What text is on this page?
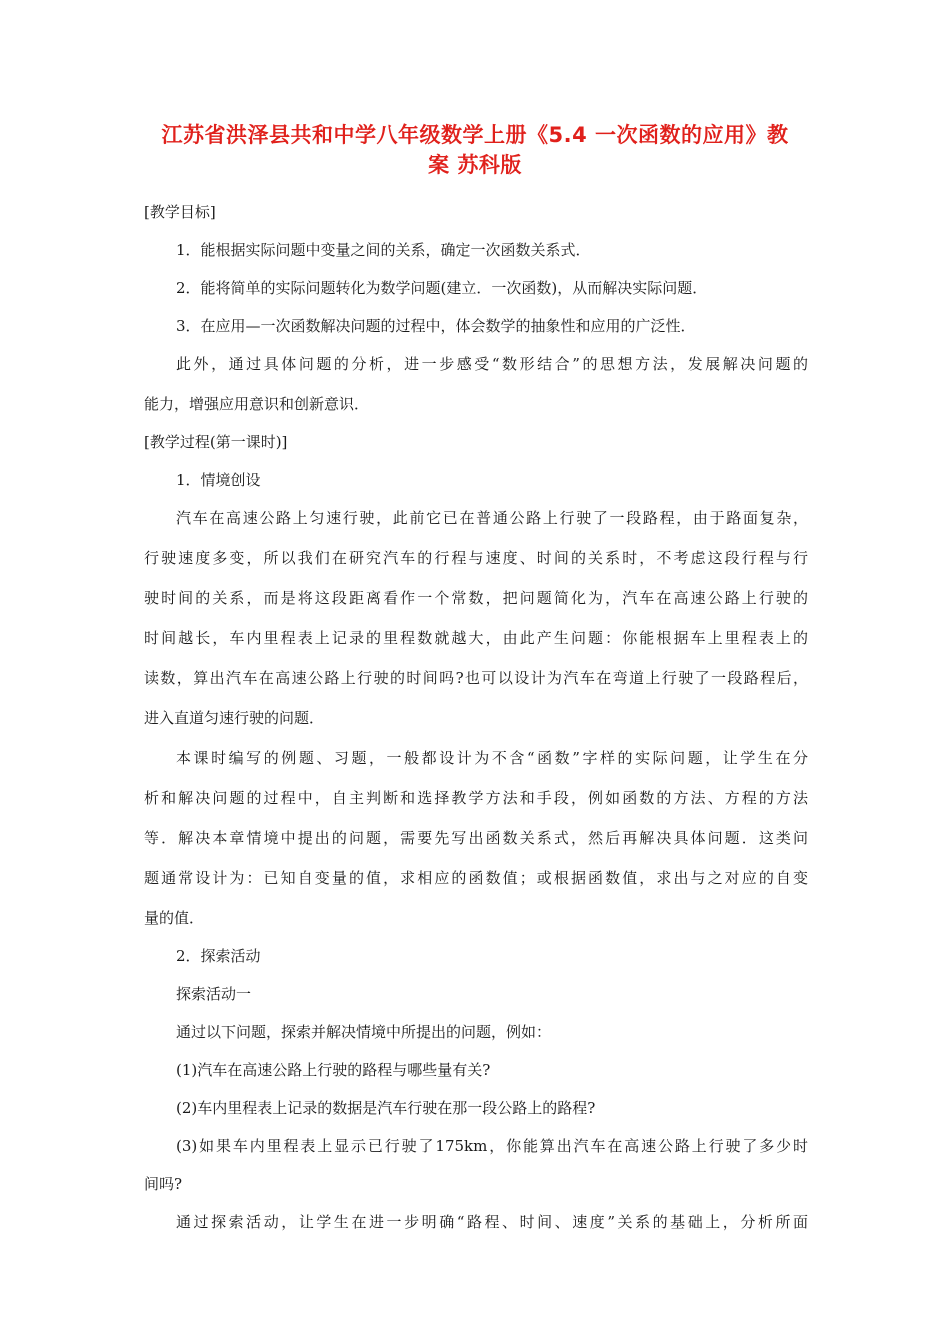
江苏省洪泽县共和中学八年级数学上册《5.4 一次函数的应用》教
案 苏科版
[教学目标]
1．能根据实际问题中变量之间的关系，确定一次函数关系式．
2．能将简单的实际问题转化为数学问题(建立．一次函数)，从而解决实际问题．
3．在应用—一次函数解决问题的过程中，体会数学的抽象性和应用的广泛性．
此外，通过具体问题的分析，进一步感受“数形结合”的思想方法，发展解决问题的
能力，增强应用意识和创新意识．
[教学过程(第一课时)]
1．情境创设
汽车在高速公路上匀速行驶，此前它已在普通公路上行驶了一段路程，由于路面复杂，
行驶速度多变，所以我们在研究汽车的行程与速度、时间的关系时，不考虑这段行程与行
驶时间的关系，而是将这段距离看作一个常数，把问题简化为，汽车在高速公路上行驶的
时间越长，车内里程表上记录的里程数就越大，由此产生问题：你能根据车上里程表上的
读数，算出汽车在高速公路上行驶的时间吗?也可以设计为汽车在弯道上行驶了一段路程后，
进入直道匀速行驶的问题．
本课时编写的例题、习题，一般都设计为不含“函数”字样的实际问题，让学生在分
析和解决问题的过程中，自主判断和选择教学方法和手段，例如函数的方法、方程的方法
等．解决本章情境中提出的问题，需要先写出函数关系式，然后再解决具体问题．这类问
题通常设计为：已知自变量的值，求相应的函数值；或根据函数值，求出与之对应的自变
量的值．
2．探索活动
探索活动一
通过以下问题，探索并解决情境中所提出的问题，例如：
(1)汽车在高速公路上行驶的路程与哪些量有关?
(2)车内里程表上记录的数据是汽车行驶在那一段公路上的路程?
(3)如果车内里程表上显示已行驶了175km，你能算出汽车在高速公路上行驶了多少时
间吗?
通过探索活动，让学生在进一步明确“路程、时间、速度”关系的基础上，分析所面
